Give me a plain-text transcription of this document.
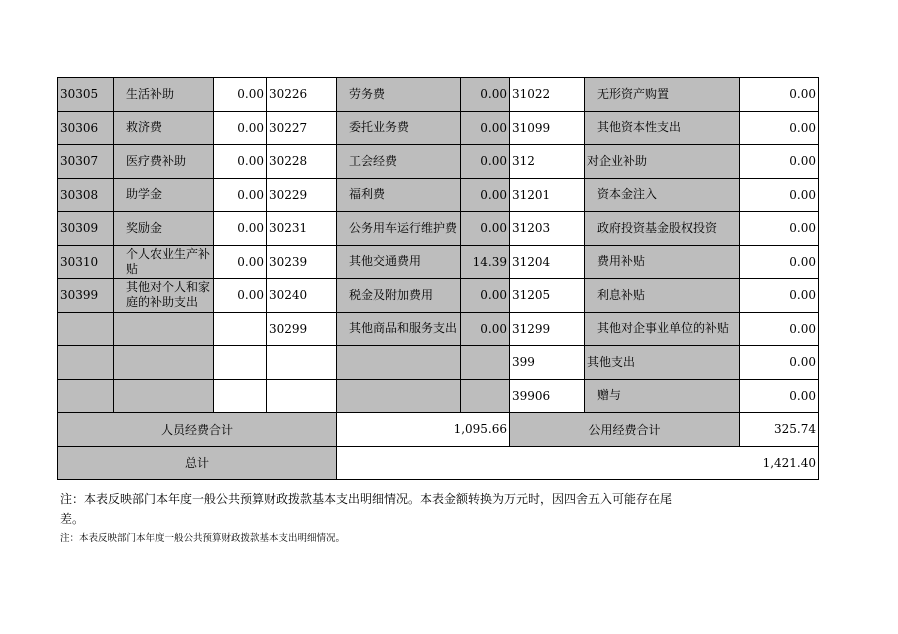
30305	生活补助	0.00	30226	劳务费	0.00	31022	无形资产购置	0.00
30306	救济费	0.00	30227	委托业务费	0.00	31099	其他资本性支出	0.00
30307	医疗费补助	0.00	30228	工会经费	0.00	312	对企业补助	0.00
30308	助学金	0.00	30229	福利费	0.00	31201	资本金注入	0.00
30309	奖励金	0.00	30231	公务用车运行维护费	0.00	31203	政府投资基金股权投资	0.00
30310	个人农业生产补贴	0.00	30239	其他交通费用	14.39	31204	费用补贴	0.00
30399	其他对个人和家庭的补助支出	0.00	30240	税金及附加费用	0.00	31205	利息补贴	0.00
			30299	其他商品和服务支出	0.00	31299	其他对企事业单位的补贴	0.00
						399	其他支出	0.00
						39906	赠与	0.00
人员经费合计				1,095.66		公用经费合计		325.74
总计				1,421.40				
注：本表反映部门本年度一般公共预算财政拨款基本支出明细情况。本表金额转换为万元时，因四舍五入可能存在尾
差。
注：本表反映部门本年度一般公共预算财政拨款基本支出明细情况。
